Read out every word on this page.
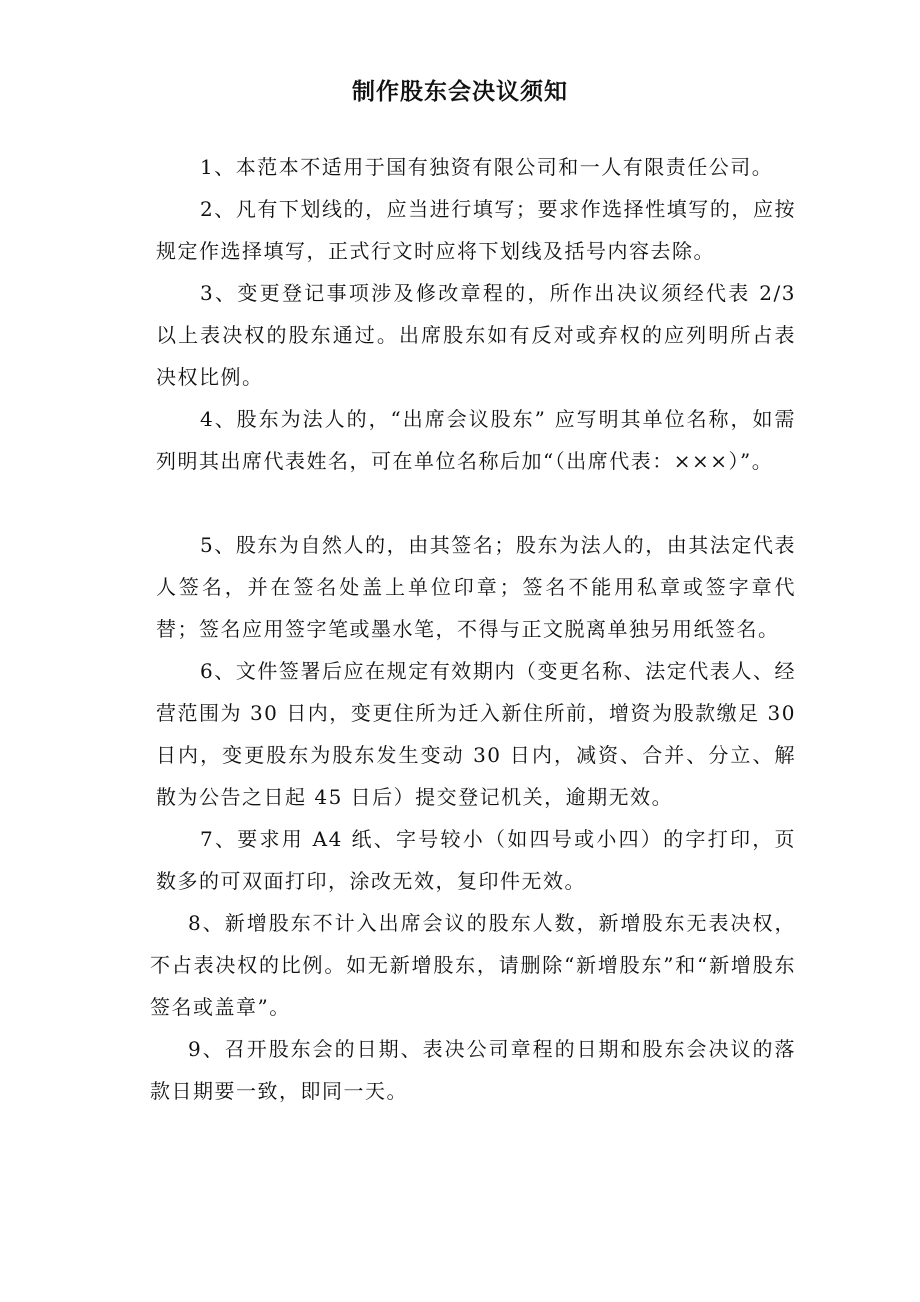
制作股东会决议须知

1、本范本不适用于国有独资有限公司和一人有限责任公司。

2、凡有下划线的，应当进行填写；要求作选择性填写的，应按规定作选择填写，正式行文时应将下划线及括号内容去除。

3、变更登记事项涉及修改章程的，所作出决议须经代表 2/3 以上表决权的股东通过。出席股东如有反对或弃权的应列明所占表决权比例。

4、股东为法人的，“出席会议股东” 应写明其单位名称，如需列明其出席代表姓名，可在单位名称后加“（出席代表：×××）”。

5、股东为自然人的，由其签名；股东为法人的，由其法定代表人签名，并在签名处盖上单位印章；签名不能用私章或签字章代替；签名应用签字笔或墨水笔，不得与正文脱离单独另用纸签名。

6、文件签署后应在规定有效期内（变更名称、法定代表人、经营范围为 30 日内，变更住所为迁入新住所前，增资为股款缴足 30 日内，变更股东为股东发生变动 30 日内，减资、合并、分立、解散为公告之日起 45 日后）提交登记机关，逾期无效。

7、要求用 A4 纸、字号较小（如四号或小四）的字打印，页数多的可双面打印，涂改无效，复印件无效。

8、新增股东不计入出席会议的股东人数，新增股东无表决权，不占表决权的比例。如无新增股东，请删除“新增股东”和“新增股东签名或盖章”。

9、召开股东会的日期、表决公司章程的日期和股东会决议的落款日期要一致，即同一天。
